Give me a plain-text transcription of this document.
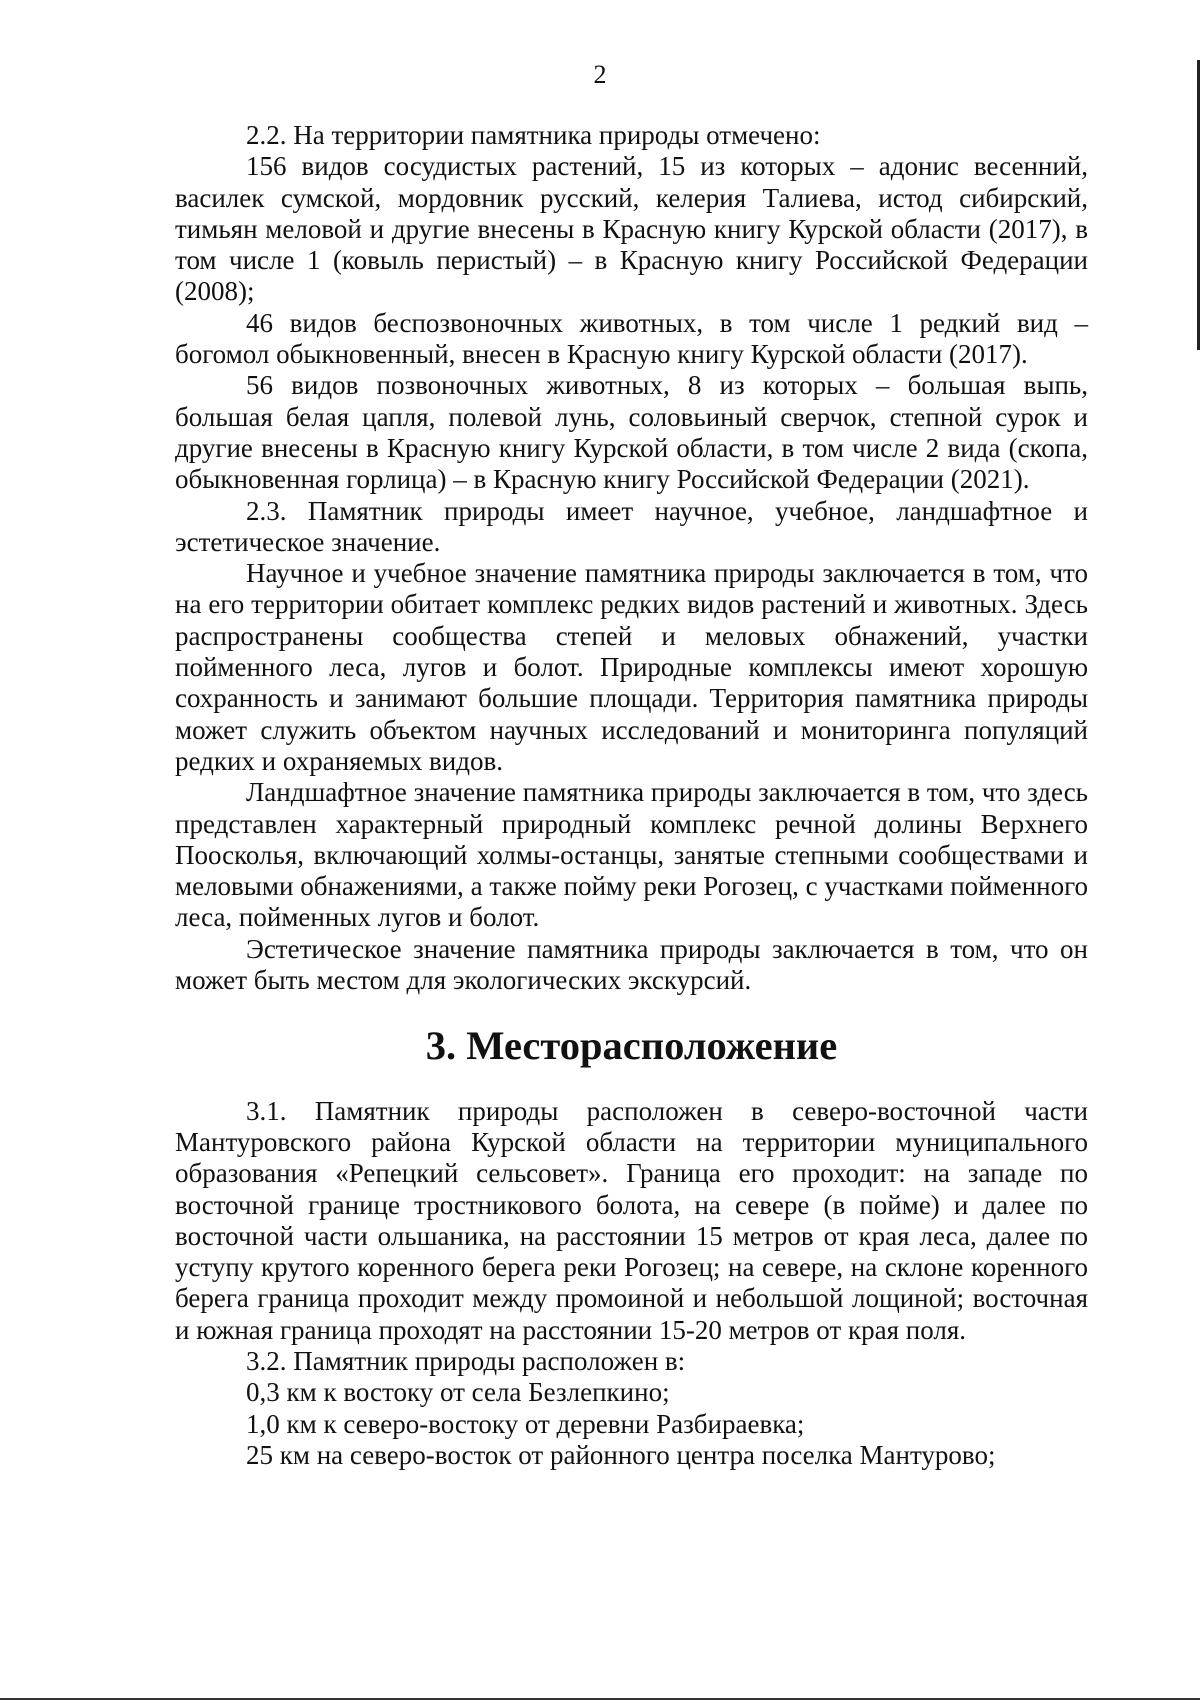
2

2.2. На территории памятника природы отмечено:

156 видов сосудистых растений, 15 из которых – адонис весенний, василек сумской, мордовник русский, келерия Талиева, истод сибирский, тимьян меловой и другие внесены в Красную книгу Курской области (2017), в том числе 1 (ковыль перистый) – в Красную книгу Российской Федерации (2008);

46 видов беспозвоночных животных, в том числе 1 редкий вид – богомол обыкновенный, внесен в Красную книгу Курской области (2017).

56 видов позвоночных животных, 8 из которых – большая выпь, большая белая цапля, полевой лунь, соловьиный сверчок, степной сурок и другие внесены в Красную книгу Курской области, в том числе 2 вида (скопа, обыкновенная горлица) – в Красную книгу Российской Федерации (2021).

2.3. Памятник природы имеет научное, учебное, ландшафтное и эстетическое значение.

Научное и учебное значение памятника природы заключается в том, что на его территории обитает комплекс редких видов растений и животных. Здесь распространены сообщества степей и меловых обнажений, участки пойменного леса, лугов и болот. Природные комплексы имеют хорошую сохранность и занимают большие площади. Территория памятника природы может служить объектом научных исследований и мониторинга популяций редких и охраняемых видов.

Ландшафтное значение памятника природы заключается в том, что здесь представлен характерный природный комплекс речной долины Верхнего Поосколья, включающий холмы-останцы, занятые степными сообществами и меловыми обнажениями, а также пойму реки Рогозец, с участками пойменного леса, пойменных лугов и болот.

Эстетическое значение памятника природы заключается в том, что он может быть местом для экологических экскурсий.

3. Месторасположение

3.1. Памятник природы расположен в северо-восточной части Мантуровского района Курской области на территории муниципального образования «Репецкий сельсовет». Граница его проходит: на западе по восточной границе тростникового болота, на севере (в пойме) и далее по восточной части ольшаника, на расстоянии 15 метров от края леса, далее по уступу крутого коренного берега реки Рогозец; на севере, на склоне коренного берега граница проходит между промоиной и небольшой лощиной; восточная и южная граница проходят на расстоянии 15-20 метров от края поля.

3.2. Памятник природы расположен в:

0,3 км к востоку от села Безлепкино;

1,0 км к северо-востоку от деревни Разбираевка;

25 км на северо-восток от районного центра поселка Мантурово;
